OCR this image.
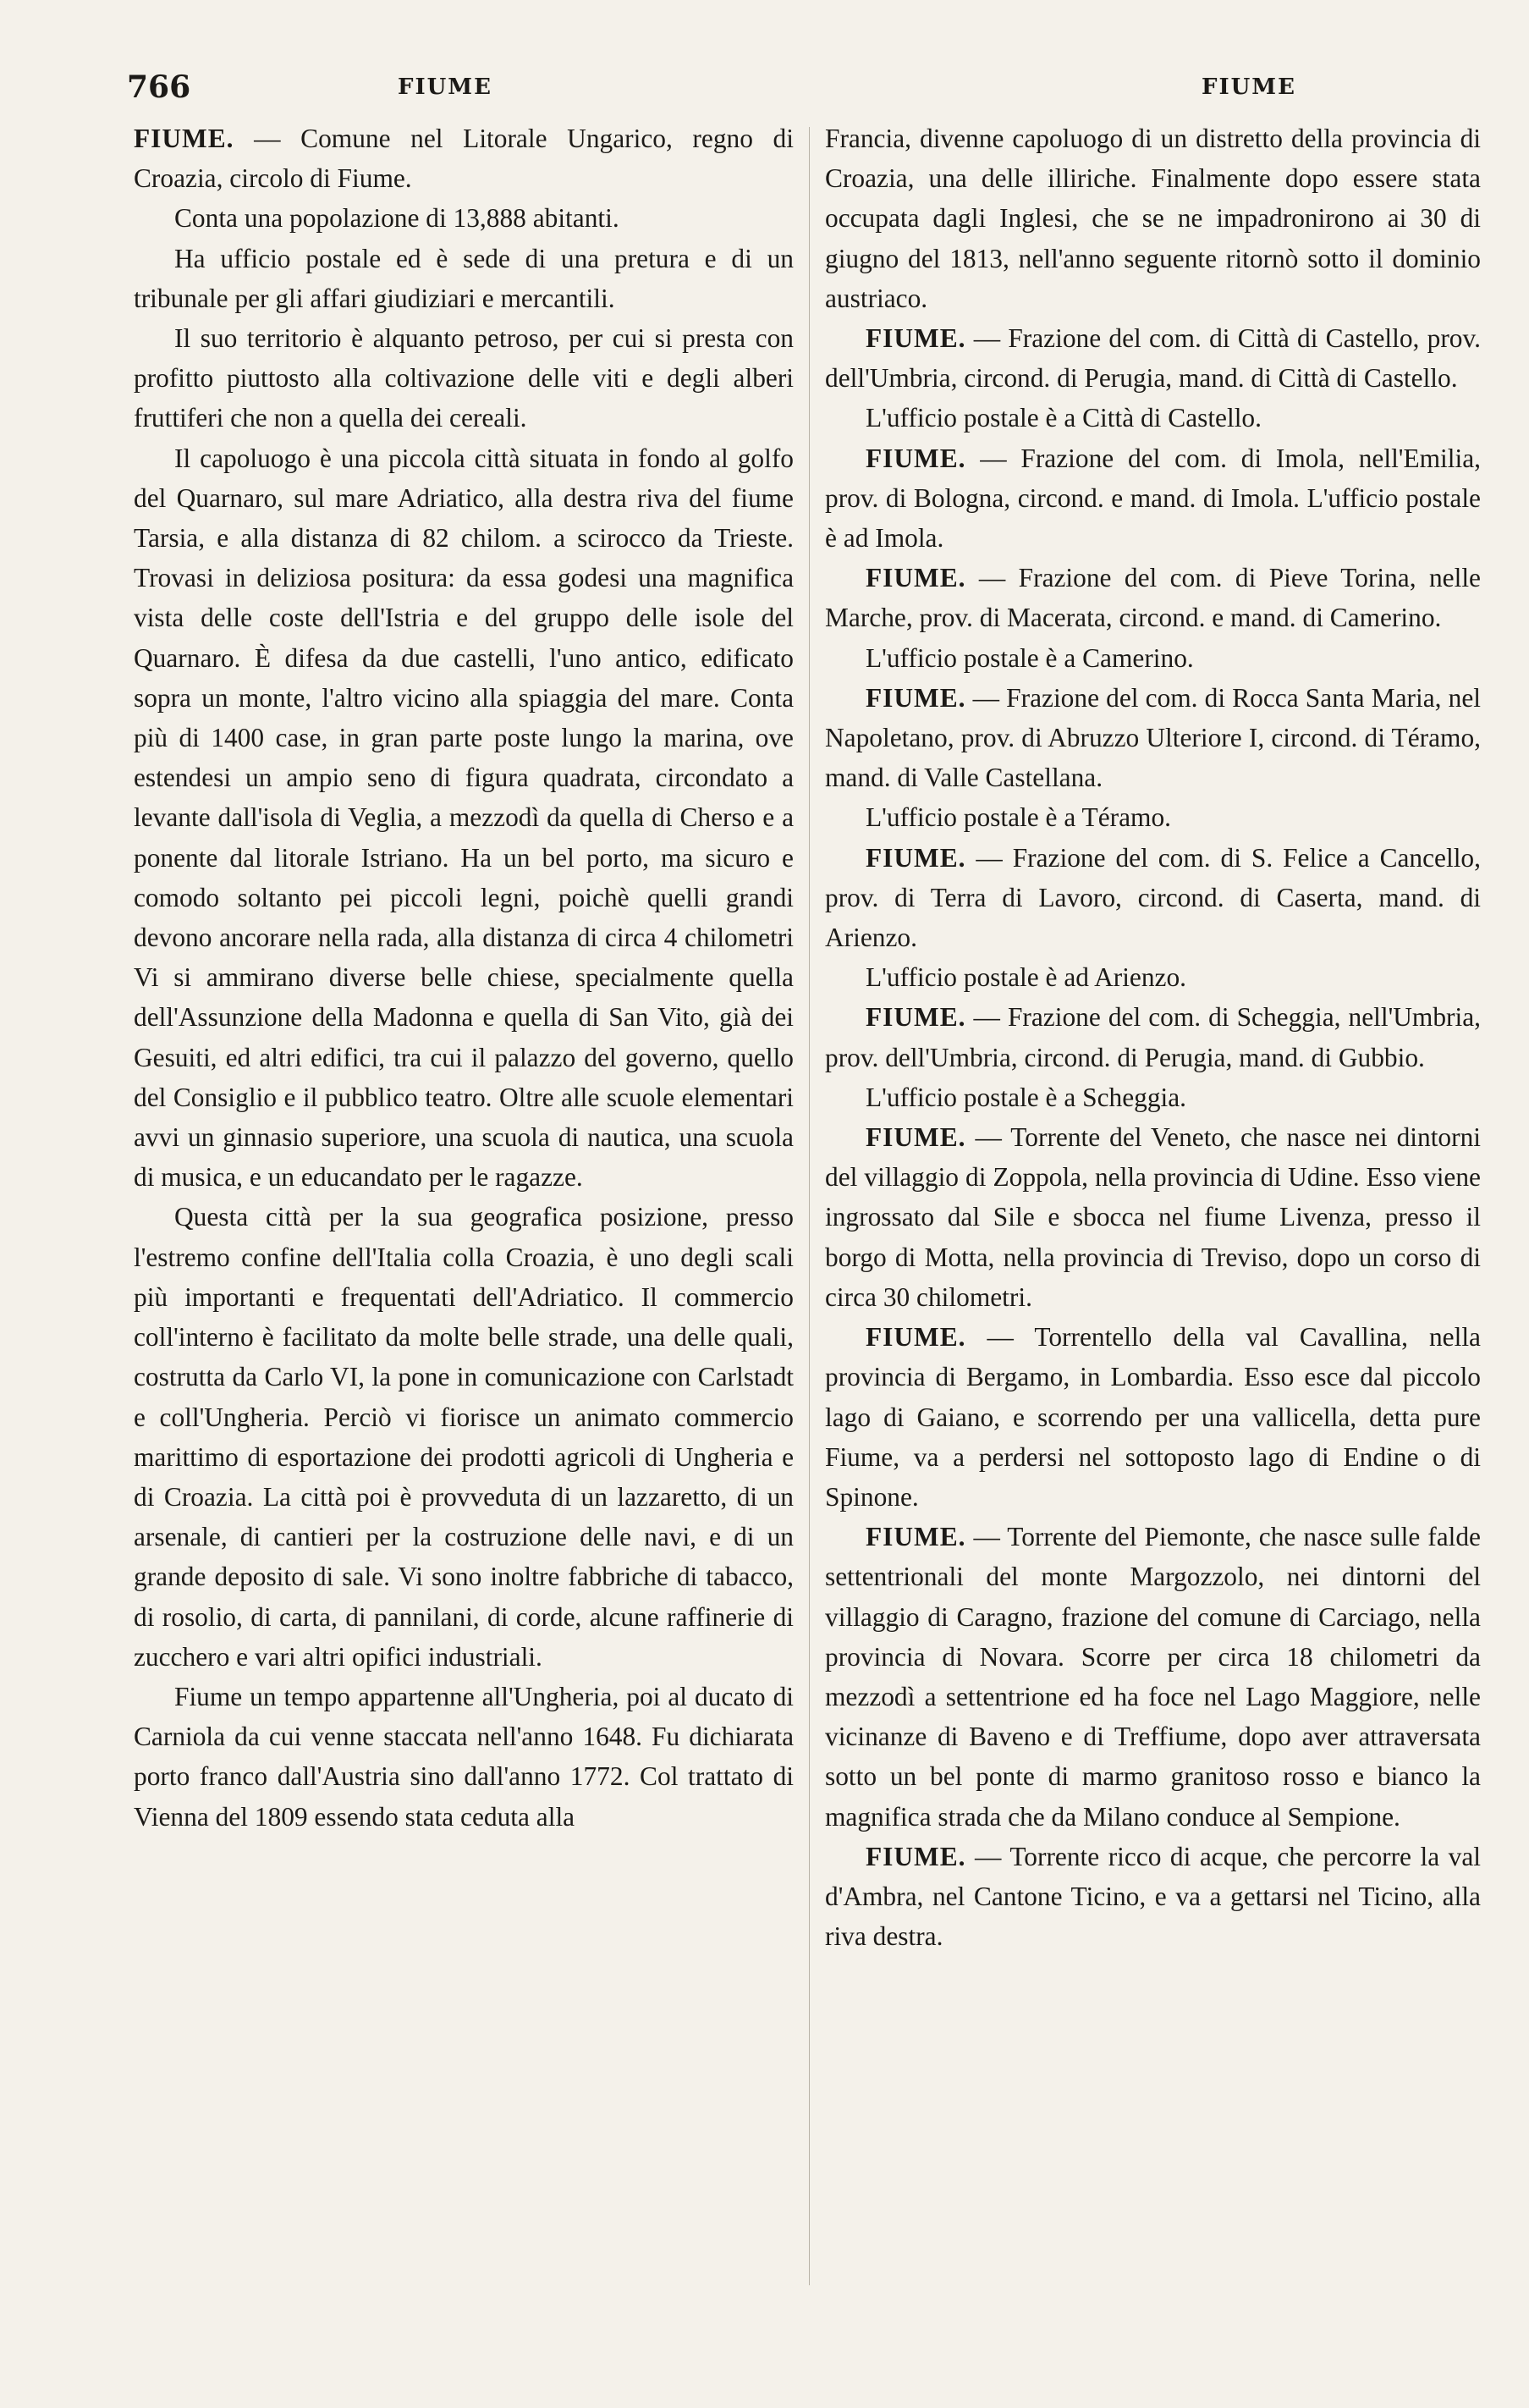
766	FIUME	FIUME

FIUME. — Comune nel Litorale Ungarico, regno di Croazia, circolo di Fiume.

Conta una popolazione di 13,888 abitanti.

Ha ufficio postale ed è sede di una pretura e di un tribunale per gli affari giudiziari e mercantili.

Il suo territorio è alquanto petroso, per cui si presta con profitto piuttosto alla coltivazione delle viti e degli alberi fruttiferi che non a quella dei cereali.

Il capoluogo è una piccola città situata in fondo al golfo del Quarnaro, sul mare Adriatico, alla destra riva del fiume Tarsia, e alla distanza di 82 chilom. a scirocco da Trieste. Trovasi in deliziosa positura: da essa godesi una magnifica vista delle coste dell'Istria e del gruppo delle isole del Quarnaro. È difesa da due castelli, l'uno antico, edificato sopra un monte, l'altro vicino alla spiaggia del mare. Conta più di 1400 case, in gran parte poste lungo la marina, ove estendesi un ampio seno di figura quadrata, circondato a levante dall'isola di Veglia, a mezzodì da quella di Cherso e a ponente dal litorale Istriano. Ha un bel porto, ma sicuro e comodo soltanto pei piccoli legni, poichè quelli grandi devono ancorare nella rada, alla distanza di circa 4 chilometri Vi si ammirano diverse belle chiese, specialmente quella dell'Assunzione della Madonna e quella di San Vito, già dei Gesuiti, ed altri edifici, tra cui il palazzo del governo, quello del Consiglio e il pubblico teatro. Oltre alle scuole elementari avvi un ginnasio superiore, una scuola di nautica, una scuola di musica, e un educandato per le ragazze.

Questa città per la sua geografica posizione, presso l'estremo confine dell'Italia colla Croazia, è uno degli scali più importanti e frequentati dell'Adriatico. Il commercio coll'interno è facilitato da molte belle strade, una delle quali, costrutta da Carlo VI, la pone in comunicazione con Carlstadt e coll'Ungheria. Perciò vi fiorisce un animato commercio marittimo di esportazione dei prodotti agricoli di Ungheria e di Croazia. La città poi è provveduta di un lazzaretto, di un arsenale, di cantieri per la costruzione delle navi, e di un grande deposito di sale. Vi sono inoltre fabbriche di tabacco, di rosolio, di carta, di pannilani, di corde, alcune raffinerie di zucchero e vari altri opifici industriali.

Fiume un tempo appartenne all'Ungheria, poi al ducato di Carniola da cui venne staccata nell'anno 1648. Fu dichiarata porto franco dall'Austria sino dall'anno 1772. Col trattato di Vienna del 1809 essendo stata ceduta alla

Francia, divenne capoluogo di un distretto della provincia di Croazia, una delle illiriche. Finalmente dopo essere stata occupata dagli Inglesi, che se ne impadronirono ai 30 di giugno del 1813, nell'anno seguente ritornò sotto il dominio austriaco.

FIUME. — Frazione del com. di Città di Castello, prov. dell'Umbria, circond. di Perugia, mand. di Città di Castello.

L'ufficio postale è a Città di Castello.

FIUME. — Frazione del com. di Imola, nell'Emilia, prov. di Bologna, circond. e mand. di Imola. L'ufficio postale è ad Imola.

FIUME. — Frazione del com. di Pieve Torina, nelle Marche, prov. di Macerata, circond. e mand. di Camerino.

L'ufficio postale è a Camerino.

FIUME. — Frazione del com. di Rocca Santa Maria, nel Napoletano, prov. di Abruzzo Ulteriore I, circond. di Téramo, mand. di Valle Castellana.

L'ufficio postale è a Téramo.

FIUME. — Frazione del com. di S. Felice a Cancello, prov. di Terra di Lavoro, circond. di Caserta, mand. di Arienzo.

L'ufficio postale è ad Arienzo.

FIUME. — Frazione del com. di Scheggia, nell'Umbria, prov. dell'Umbria, circond. di Perugia, mand. di Gubbio.

L'ufficio postale è a Scheggia.

FIUME. — Torrente del Veneto, che nasce nei dintorni del villaggio di Zoppola, nella provincia di Udine. Esso viene ingrossato dal Sile e sbocca nel fiume Livenza, presso il borgo di Motta, nella provincia di Treviso, dopo un corso di circa 30 chilometri.

FIUME. — Torrentello della val Cavallina, nella provincia di Bergamo, in Lombardia. Esso esce dal piccolo lago di Gaiano, e scorrendo per una vallicella, detta pure Fiume, va a perdersi nel sottoposto lago di Endine o di Spinone.

FIUME. — Torrente del Piemonte, che nasce sulle falde settentrionali del monte Margozzolo, nei dintorni del villaggio di Caragno, frazione del comune di Carciago, nella provincia di Novara. Scorre per circa 18 chilometri da mezzodì a settentrione ed ha foce nel Lago Maggiore, nelle vicinanze di Baveno e di Treffiume, dopo aver attraversata sotto un bel ponte di marmo granitoso rosso e bianco la magnifica strada che da Milano conduce al Sempione.

FIUME. — Torrente ricco di acque, che percorre la val d'Ambra, nel Cantone Ticino, e va a gettarsi nel Ticino, alla riva destra.
